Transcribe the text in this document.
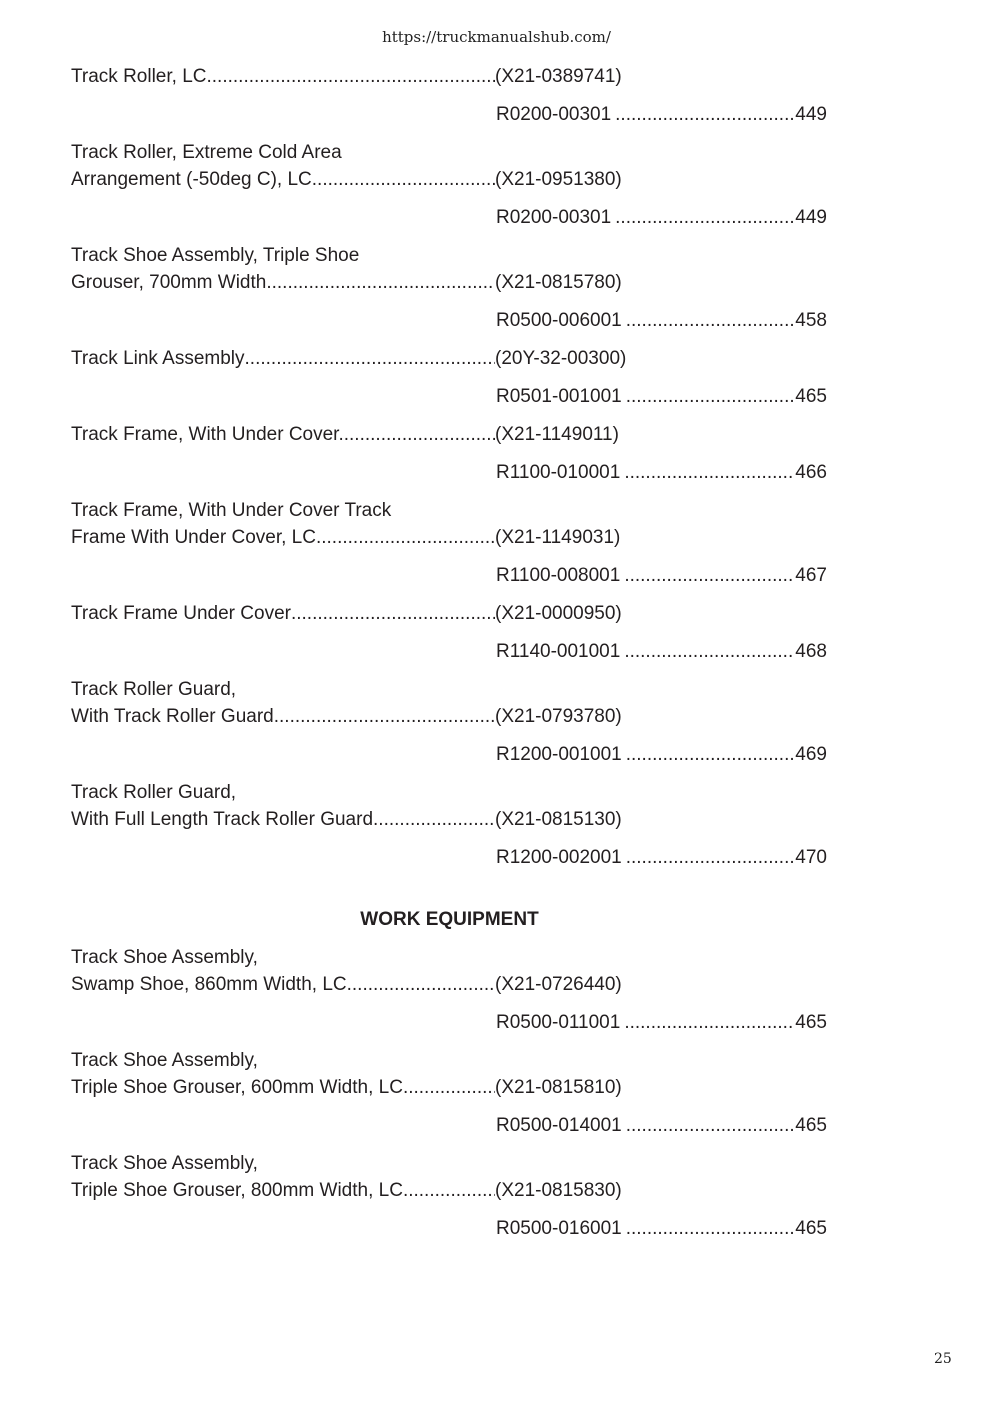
https://truckmanualshub.com/
Track Roller, LC .....	(X21-0389741)
R0200-00301 .....	449
Track Roller, Extreme Cold Area
Arrangement (-50deg C), LC .....	(X21-0951380)
R0200-00301 .....	449
Track Shoe Assembly, Triple Shoe
Grouser, 700mm Width .....	(X21-0815780)
R0500-006001 .....	458
Track Link Assembly .....	(20Y-32-00300)
R0501-001001 .....	465
Track Frame, With Under Cover. .....	(X21-1149011)
R1100-010001 .....	466
Track Frame, With Under Cover Track
Frame With Under Cover, LC .....	(X21-1149031)
R1100-008001 .....	467
Track Frame Under Cover .....	(X21-0000950)
R1140-001001 .....	468
Track Roller Guard,
With Track Roller Guard .....	(X21-0793780)
R1200-001001 .....	469
Track Roller Guard,
With Full Length Track Roller Guard .....	(X21-0815130)
R1200-002001 .....	470
WORK EQUIPMENT
Track Shoe Assembly,
Swamp Shoe, 860mm Width, LC .....	(X21-0726440)
R0500-011001 .....	465
Track Shoe Assembly,
Triple Shoe Grouser, 600mm Width, LC .....	(X21-0815810)
R0500-014001 .....	465
Track Shoe Assembly,
Triple Shoe Grouser, 800mm Width, LC .....	(X21-0815830)
R0500-016001 .....	465
25
